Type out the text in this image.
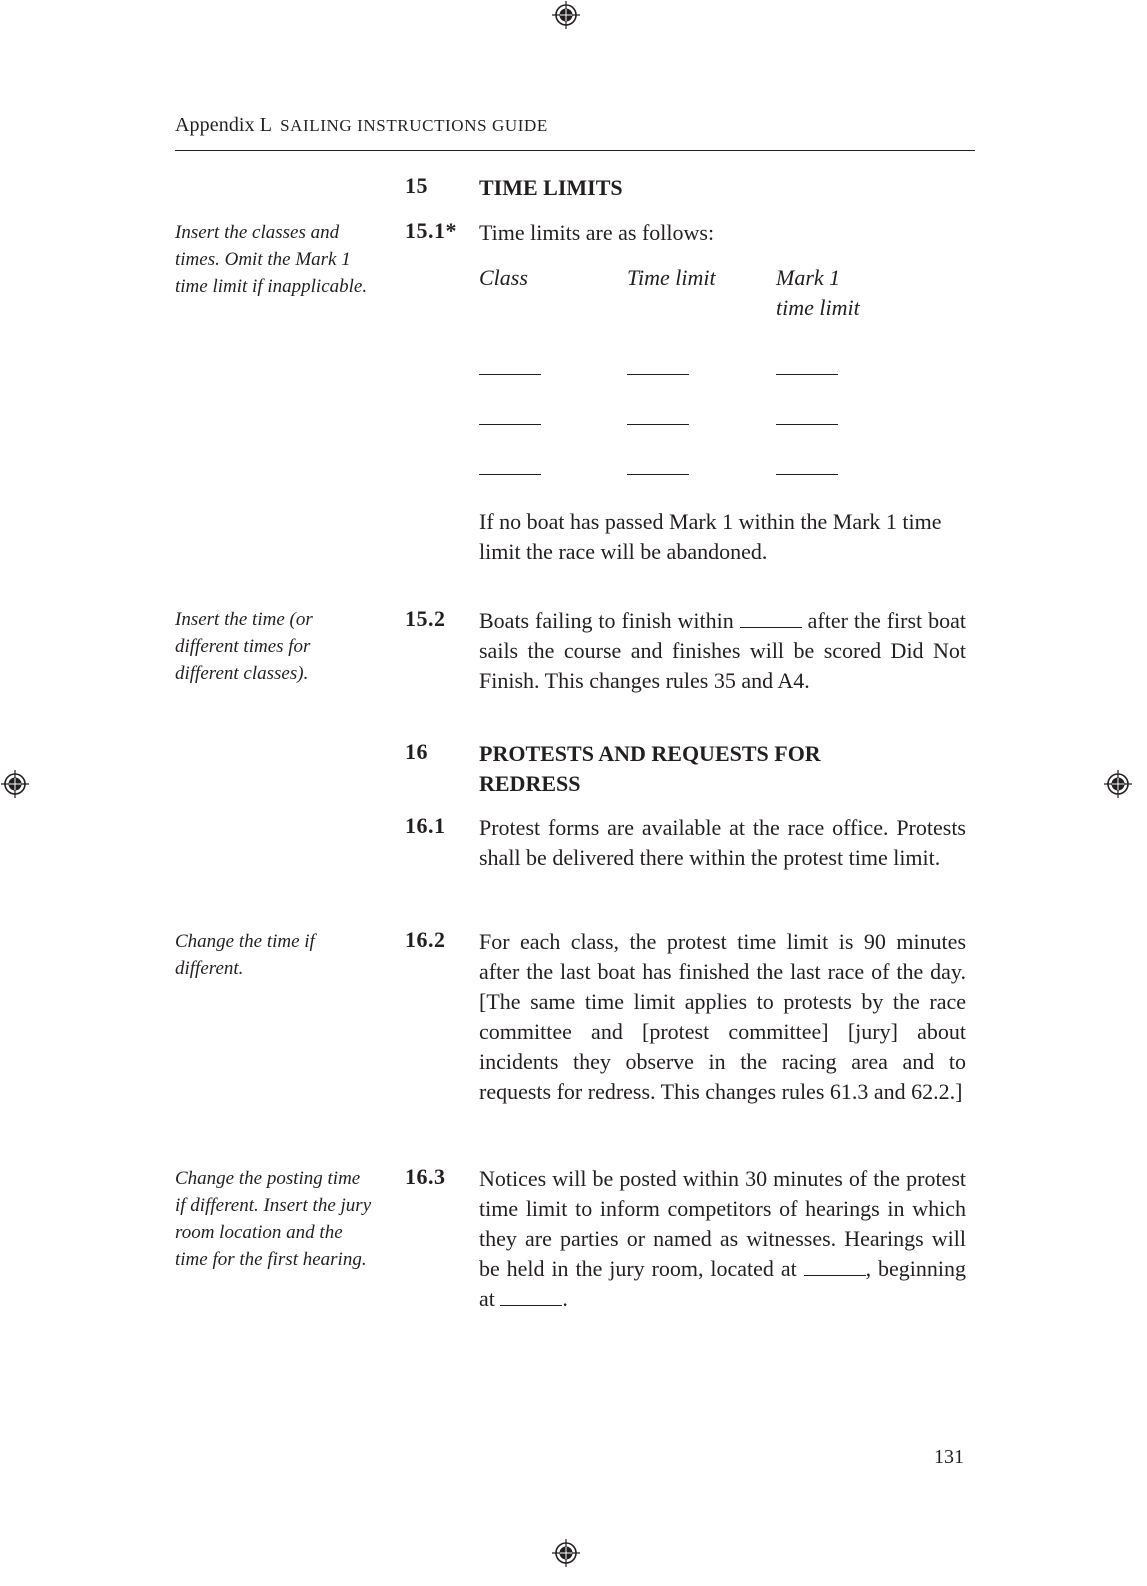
Appendix L SAILING INSTRUCTIONS GUIDE
15 TIME LIMITS
Insert the classes and times. Omit the Mark 1 time limit if inapplicable.
15.1* Time limits are as follows:
Class	Time limit	Mark 1
time limit
If no boat has passed Mark 1 within the Mark 1 time limit the race will be abandoned.
Insert the time (or different times for different classes).
15.2 Boats failing to finish within	after the first boat sails the course and finishes will be scored Did Not Finish. This changes rules 35 and A4.
16 PROTESTS AND REQUESTS FOR REDRESS
16.1 Protest forms are available at the race office. Protests shall be delivered there within the protest time limit.
Change the time if different.
16.2 For each class, the protest time limit is 90 minutes after the last boat has finished the last race of the day. [The same time limit applies to protests by the race committee and [protest committee] [jury] about incidents they observe in the racing area and to requests for redress. This changes rules 61.3 and 62.2.]
Change the posting time if different. Insert the jury room location and the time for the first hearing.
16.3 Notices will be posted within 30 minutes of the protest time limit to inform competitors of hearings in which they are parties or named as witnesses. Hearings will be held in the jury room, located at	, beginning at	.
131
